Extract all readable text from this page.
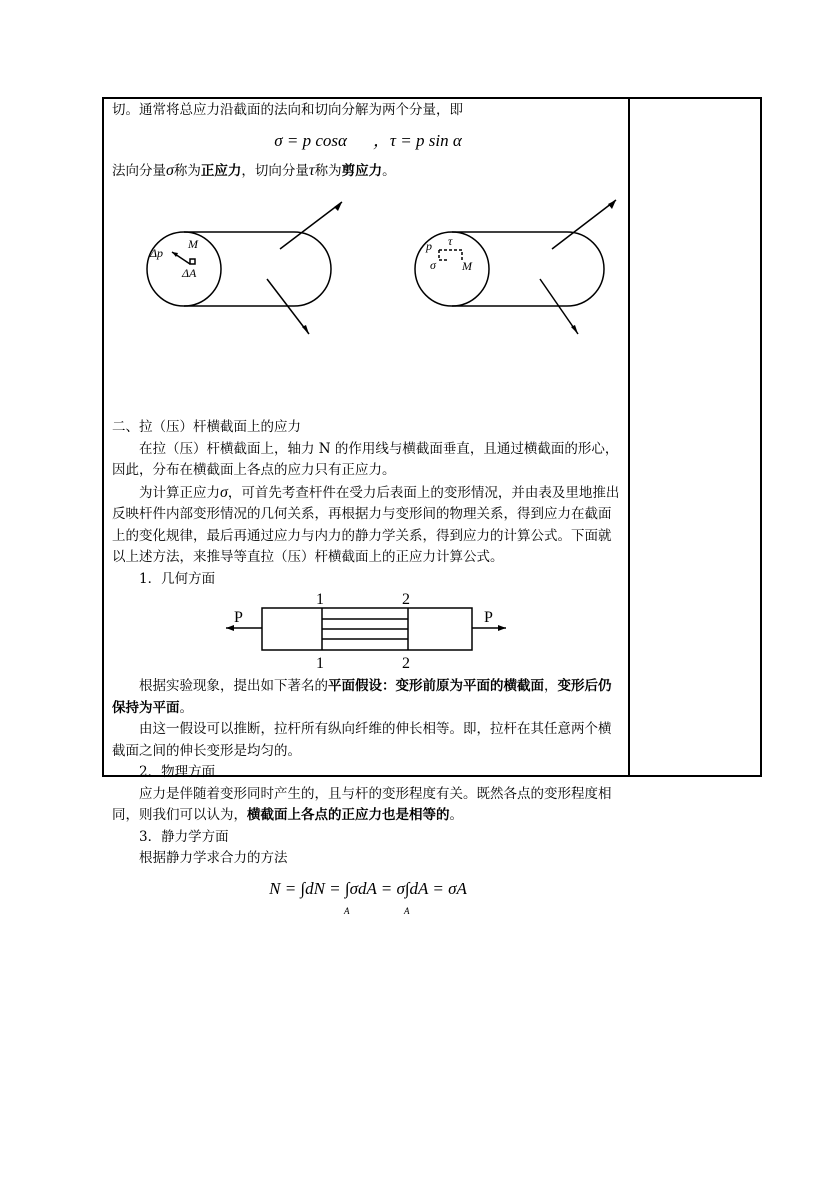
切。通常将总应力沿截面的法向和切向分解为两个分量，即

σ = p cosα ，τ = p sin α

法向分量σ称为正应力，切向分量τ称为剪应力。

Δp
M
ΔA
p τ
σ M

二、拉（压）杆横截面上的应力

在拉（压）杆横截面上，轴力 N 的作用线与横截面垂直，且通过横截面的形心，因此，分布在横截面上各点的应力只有正应力。

为计算正应力σ，可首先考查杆件在受力后表面上的变形情况，并由表及里地推出反映杆件内部变形情况的几何关系，再根据力与变形间的物理关系，得到应力在截面上的变化规律，最后再通过应力与内力的静力学关系，得到应力的计算公式。下面就以上述方法，来推导等直拉（压）杆横截面上的正应力计算公式。

1．几何方面

P	P
1	2
1	2

根据实验现象，提出如下著名的平面假设：变形前原为平面的横截面，变形后仍保持为平面。

由这一假设可以推断，拉杆所有纵向纤维的伸长相等。即，拉杆在其任意两个横截面之间的伸长变形是均匀的。

2．物理方面

应力是伴随着变形同时产生的，且与杆的变形程度有关。既然各点的变形程度相同，则我们可以认为，横截面上各点的正应力也是相等的。

3．静力学方面

根据静力学求合力的方法

N = ∫dN = ∫σdA = σ∫dA = σA
A	A
